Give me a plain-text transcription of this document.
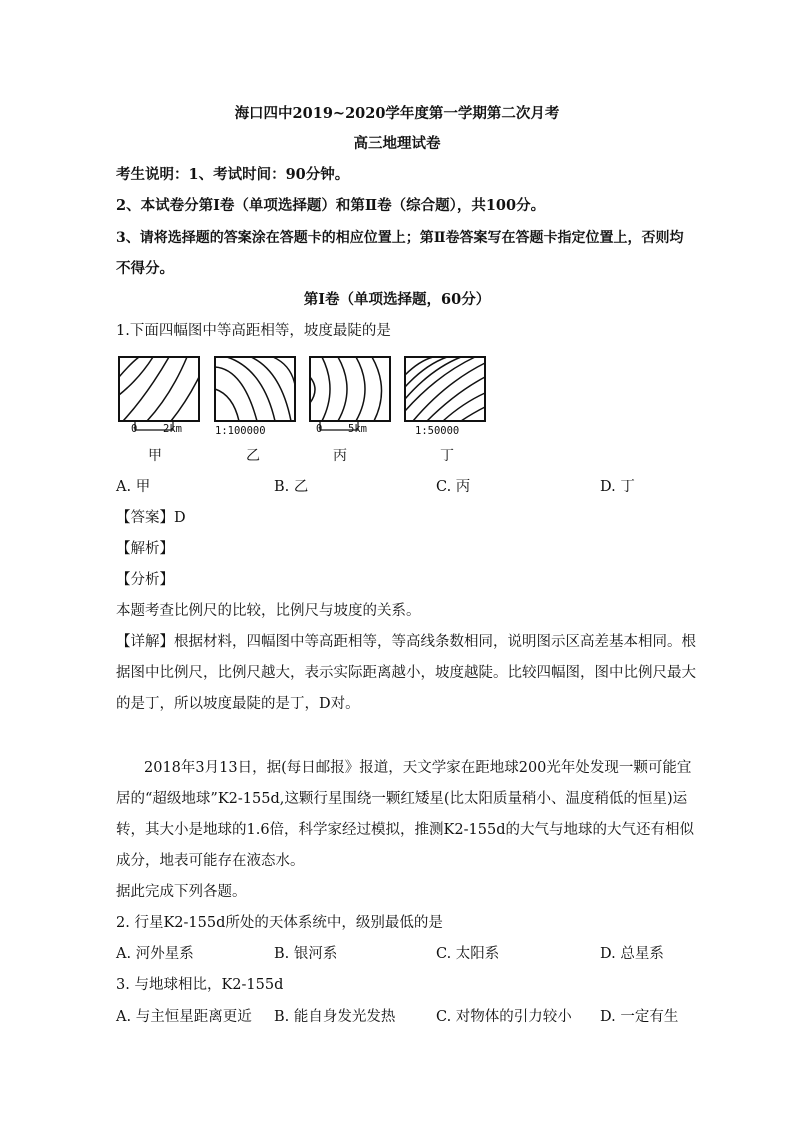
海口四中2019~2020学年度第一学期第二次月考
高三地理试卷
考生说明：1、考试时间：90分钟。
2、本试卷分第Ⅰ卷（单项选择题）和第Ⅱ卷（综合题），共100分。
3、请将选择题的答案涂在答题卡的相应位置上；第Ⅱ卷答案写在答题卡指定位置上，否则均
不得分。
第Ⅰ卷（单项选择题，60分）
1.下面四幅图中等高距相等，坡度最陡的是
0 2km
甲
1:100000
乙
0 5km
丙
1:50000
丁
A. 甲	B. 乙	C. 丙	D. 丁
【答案】D
【解析】
【分析】
本题考查比例尺的比较，比例尺与坡度的关系。
【详解】根据材料，四幅图中等高距相等，等高线条数相同，说明图示区高差基本相同。根
据图中比例尺，比例尺越大，表示实际距离越小，坡度越陡。比较四幅图，图中比例尺最大
的是丁，所以坡度最陡的是丁，D对。
2018年3月13日，据(每日邮报》报道，天文学家在距地球200光年处发现一颗可能宜
居的“超级地球”K2-155d,这颗行星围绕一颗红矮星(比太阳质量稍小、温度稍低的恒星)运
转，其大小是地球的1.6倍，科学家经过模拟，推测K2-155d的大气与地球的大气还有相似
成分，地表可能存在液态水。
据此完成下列各题。
2. 行星K2-155d所处的天体系统中，级别最低的是
A. 河外星系	B. 银河系	C. 太阳系	D. 总星系
3. 与地球相比，K2-155d
A. 与主恒星距离更近 B. 能自身发光发热	C. 对物体的引力较小 D. 一定有生
